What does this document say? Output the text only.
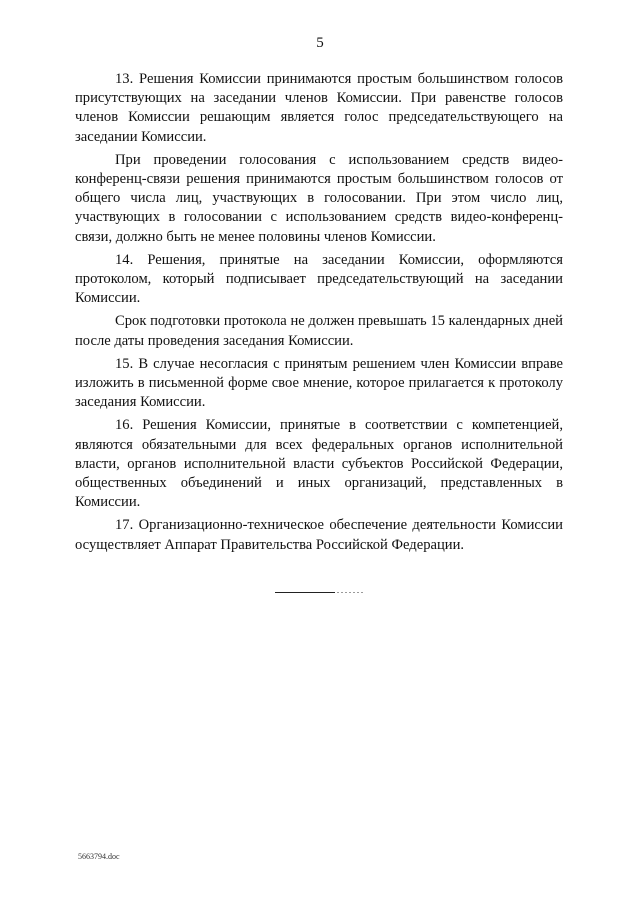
5

13. Решения Комиссии принимаются простым большинством голосов присутствующих на заседании членов Комиссии. При равенстве голосов членов Комиссии решающим является голос председательствующего на заседании Комиссии.

При проведении голосования с использованием средств видео-конференц-связи решения принимаются простым большинством голосов от общего числа лиц, участвующих в голосовании. При этом число лиц, участвующих в голосовании с использованием средств видео-конференц-связи, должно быть не менее половины членов Комиссии.

14. Решения, принятые на заседании Комиссии, оформляются протоколом, который подписывает председательствующий на заседании Комиссии.

Срок подготовки протокола не должен превышать 15 календарных дней после даты проведения заседания Комиссии.

15. В случае несогласия с принятым решением член Комиссии вправе изложить в письменной форме свое мнение, которое прилагается к протоколу заседания Комиссии.

16. Решения Комиссии, принятые в соответствии с компетенцией, являются обязательными для всех федеральных органов исполнительной власти, органов исполнительной власти субъектов Российской Федерации, общественных объединений и иных организаций, представленных в Комиссии.

17. Организационно-техническое обеспечение деятельности Комиссии осуществляет Аппарат Правительства Российской Федерации.

5663794.doc
